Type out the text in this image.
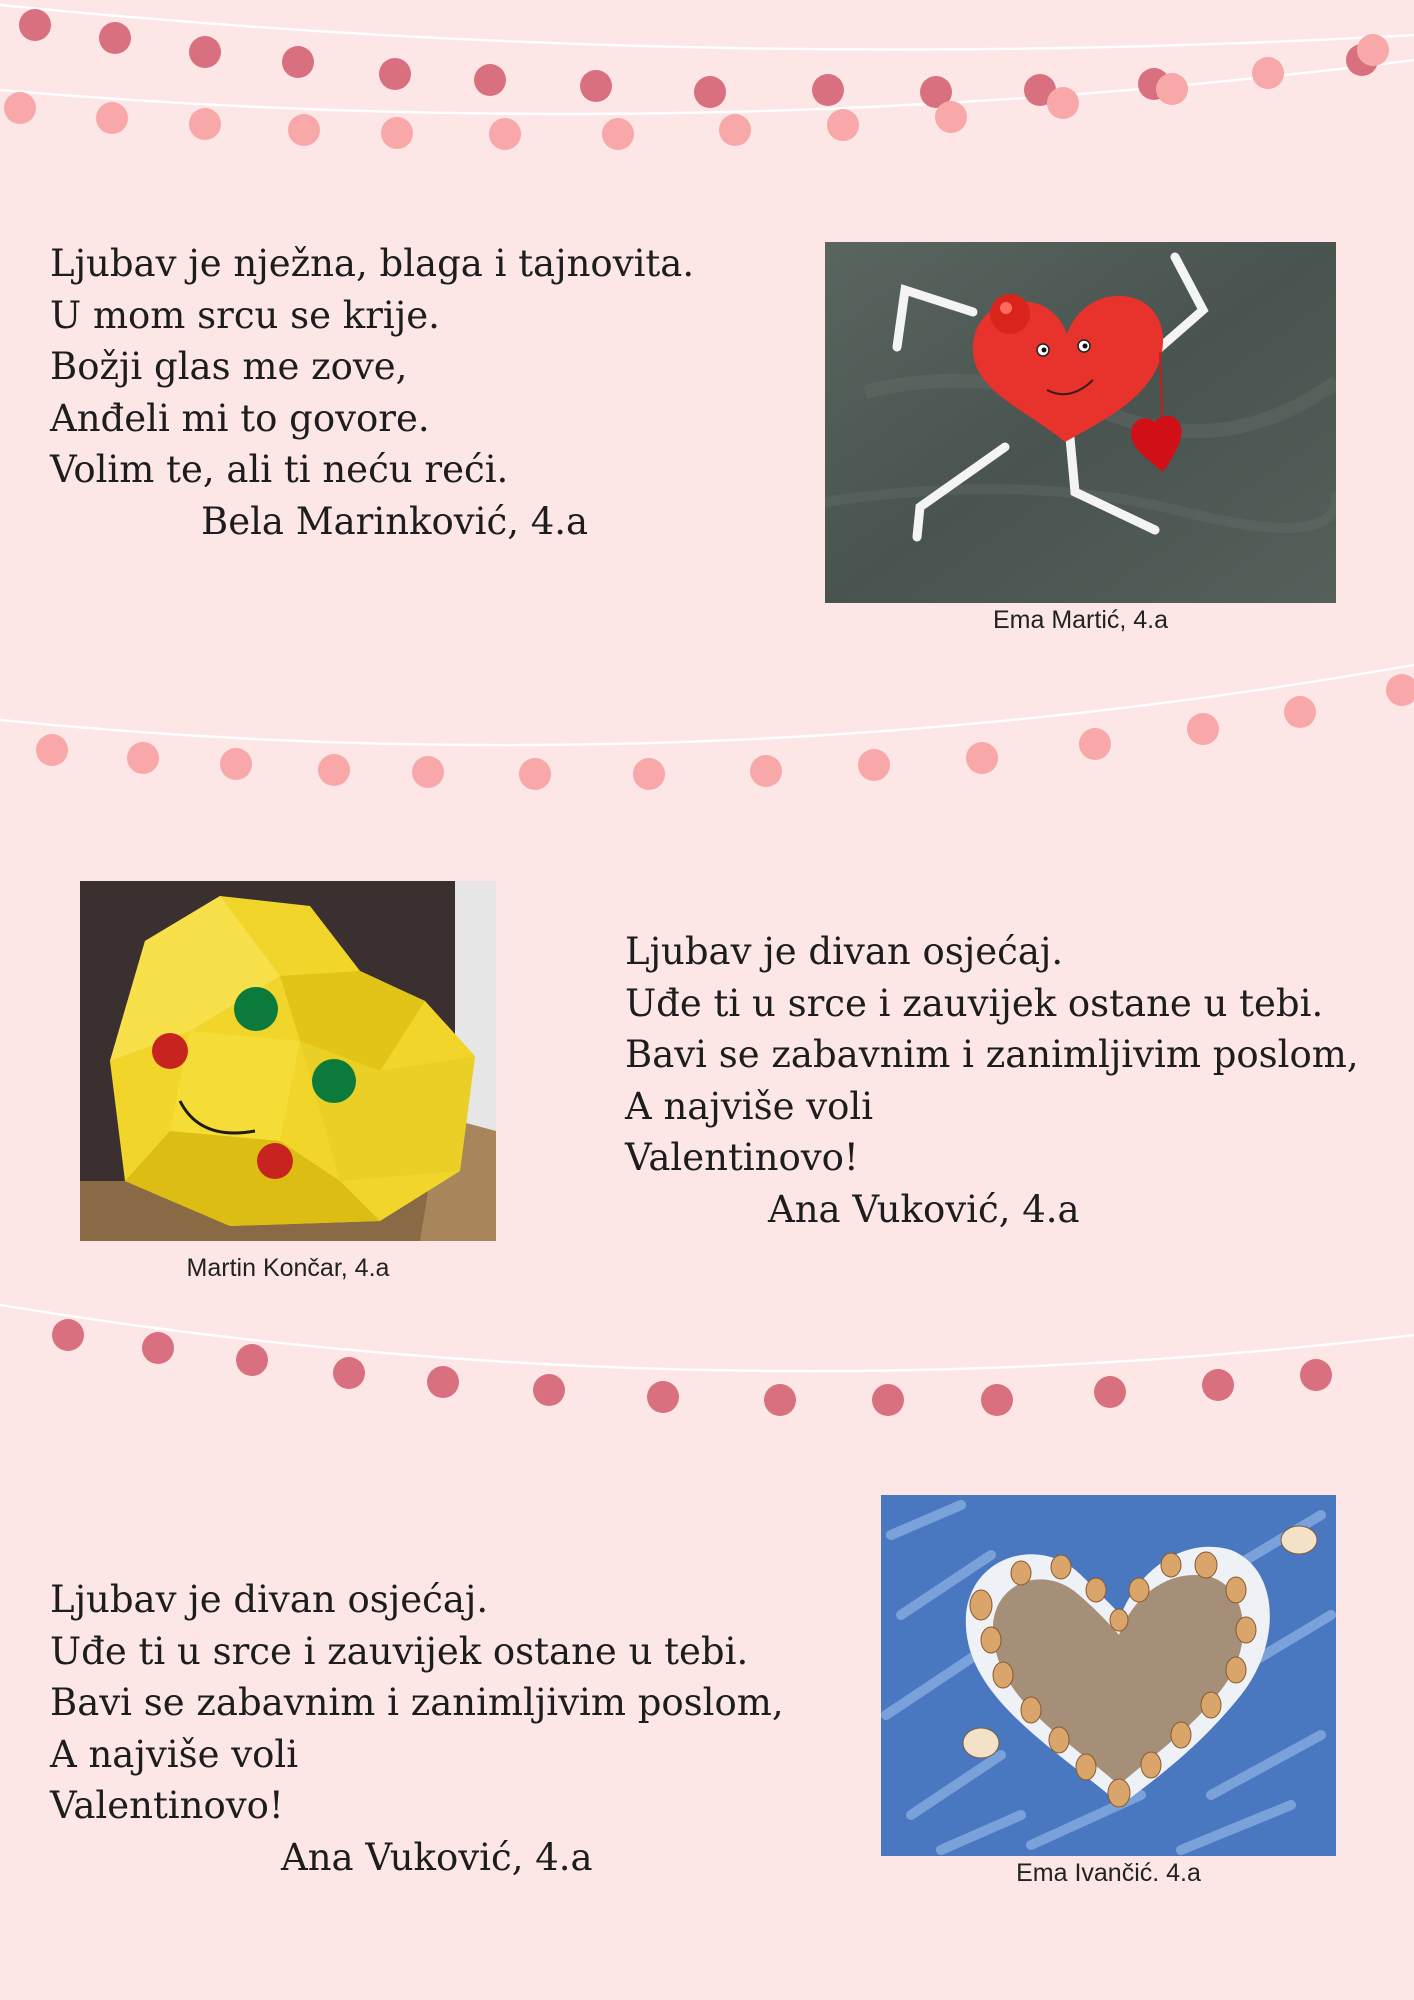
Ljubav je nježna, blaga i tajnovita.
U mom srcu se krije.
Božji glas me zove,
Anđeli mi to govore.
Volim te, ali ti neću reći.
Bela Marinković, 4.a
Ema Martić, 4.a
Martin Končar, 4.a
Ljubav je divan osjećaj.
Uđe ti u srce i zauvijek ostane u tebi.
Bavi se zabavnim i zanimljivim poslom,
A najviše voli
Valentinovo!
Ana Vuković, 4.a
Ljubav je divan osjećaj.
Uđe ti u srce i zauvijek ostane u tebi.
Bavi se zabavnim i zanimljivim poslom,
A najviše voli
Valentinovo!
Ana Vuković, 4.a	Ema Ivančić. 4.a
